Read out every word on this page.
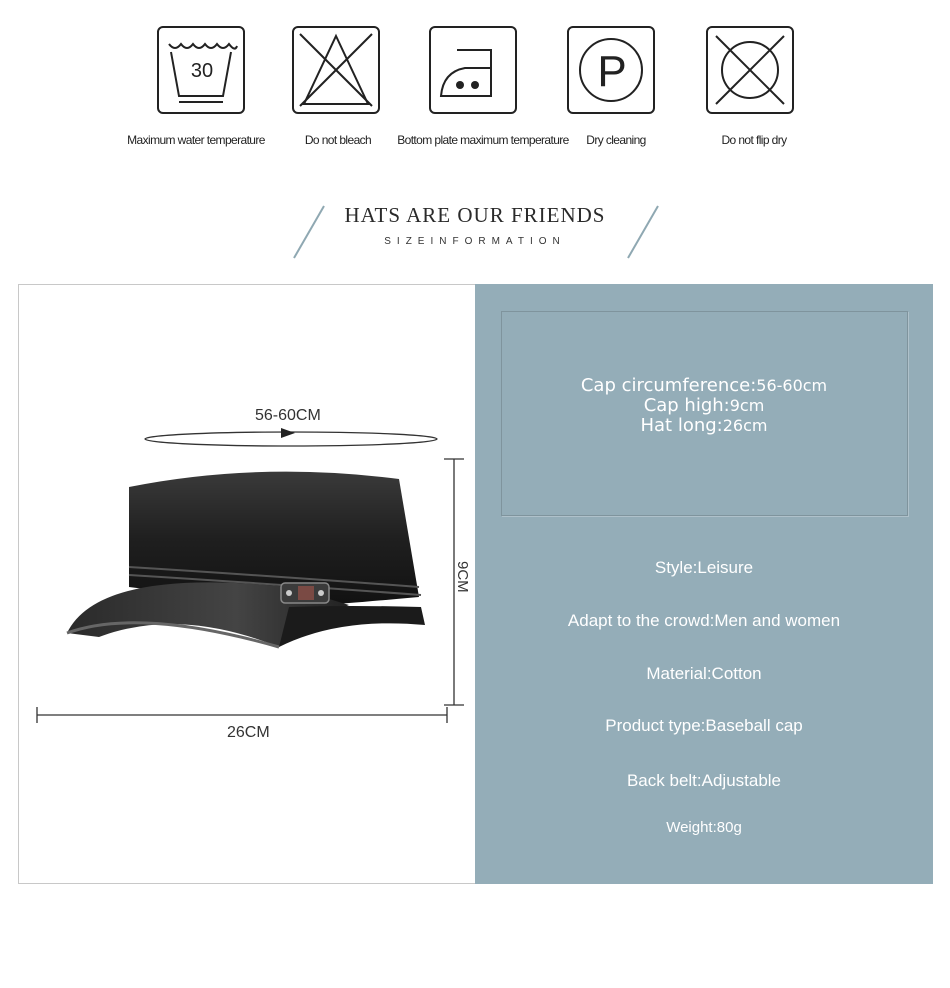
30	P
Maximum water temperature	Do not bleach	Bottom plate maximum temperature	Dry cleaning	Do not flip dry
HATS ARE OUR FRIENDS
SIZEINFORMATION
56-60CM
9CM
26CM
Cap circumference:56-60cm
Cap high:9cm
Hat long:26cm
Style:Leisure
Adapt to the crowd:Men and women
Material:Cotton
Product type:Baseball cap
Back belt:Adjustable
Weight:80g
